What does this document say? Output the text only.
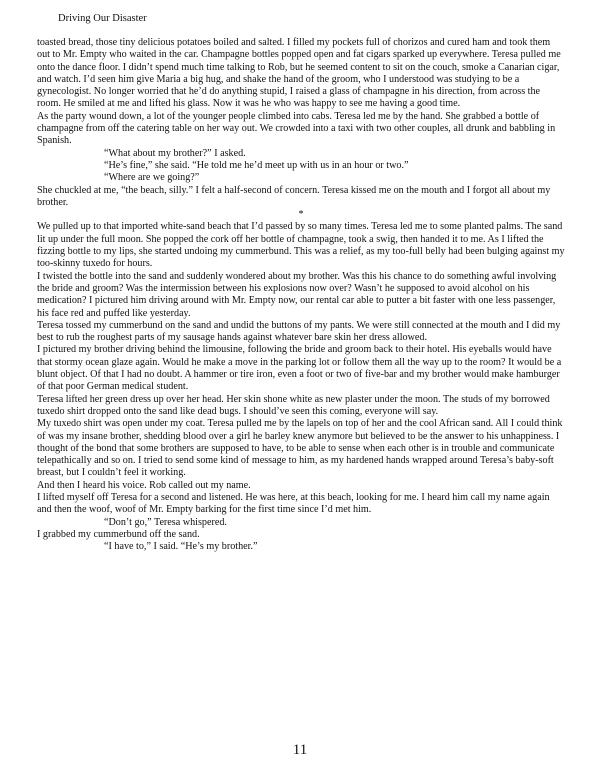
Driving Our Disaster

toasted bread, those tiny delicious potatoes boiled and salted. I filled my pockets full of chorizos and cured ham and took them out to Mr. Empty who waited in the car. Champagne bottles popped open and fat cigars sparked up everywhere. Teresa pulled me onto the dance floor. I didn’t spend much time talking to Rob, but he seemed content to sit on the couch, smoke a Canarian cigar, and watch. I’d seen him give Maria a big hug, and shake the hand of the groom, who I understood was studying to be a gynecologist. No longer worried that he’d do anything stupid, I raised a glass of champagne in his direction, from across the room. He smiled at me and lifted his glass. Now it was he who was happy to see me having a good time.

As the party wound down, a lot of the younger people climbed into cabs. Teresa led me by the hand. She grabbed a bottle of champagne from off the catering table on her way out. We crowded into a taxi with two other couples, all drunk and babbling in Spanish.

“What about my brother?” I asked.

“He’s fine,” she said. “He told me he’d meet up with us in an hour or two.”

“Where are we going?”

She chuckled at me, “the beach, silly.” I felt a half-second of concern. Teresa kissed me on the mouth and I forgot all about my brother.

*

We pulled up to that imported white-sand beach that I’d passed by so many times. Teresa led me to some planted palms. The sand lit up under the full moon. She popped the cork off her bottle of champagne, took a swig, then handed it to me. As I lifted the fizzing bottle to my lips, she started undoing my cummerbund. This was a relief, as my too-full belly had been bulging against my too-skinny tuxedo for hours.

I twisted the bottle into the sand and suddenly wondered about my brother. Was this his chance to do something awful involving the bride and groom? Was the intermission between his explosions now over? Wasn’t he supposed to avoid alcohol on his medication? I pictured him driving around with Mr. Empty now, our rental car able to putter a bit faster with one less passenger, his face red and puffed like yesterday.

Teresa tossed my cummerbund on the sand and undid the buttons of my pants. We were still connected at the mouth and I did my best to rub the roughest parts of my sausage hands against whatever bare skin her dress allowed.

I pictured my brother driving behind the limousine, following the bride and groom back to their hotel. His eyeballs would have that stormy ocean glaze again. Would he make a move in the parking lot or follow them all the way up to the room? It would be a blunt object. Of that I had no doubt. A hammer or tire iron, even a foot or two of five-bar and my brother would make hamburger of that poor German medical student.

Teresa lifted her green dress up over her head. Her skin shone white as new plaster under the moon. The studs of my borrowed tuxedo shirt dropped onto the sand like dead bugs. I should’ve seen this coming, everyone will say.

My tuxedo shirt was open under my coat. Teresa pulled me by the lapels on top of her and the cool African sand. All I could think of was my insane brother, shedding blood over a girl he barley knew anymore but believed to be the answer to his unhappiness. I thought of the bond that some brothers are supposed to have, to be able to sense when each other is in trouble and communicate telepathically and so on. I tried to send some kind of message to him, as my hardened hands wrapped around Teresa’s baby-soft breast, but I couldn’t feel it working.

And then I heard his voice. Rob called out my name.

I lifted myself off Teresa for a second and listened. He was here, at this beach, looking for me. I heard him call my name again and then the woof, woof of Mr. Empty barking for the first time since I’d met him.

“Don’t go,” Teresa whispered.

I grabbed my cummerbund off the sand.

“I have to,” I said. “He’s my brother.”

11
